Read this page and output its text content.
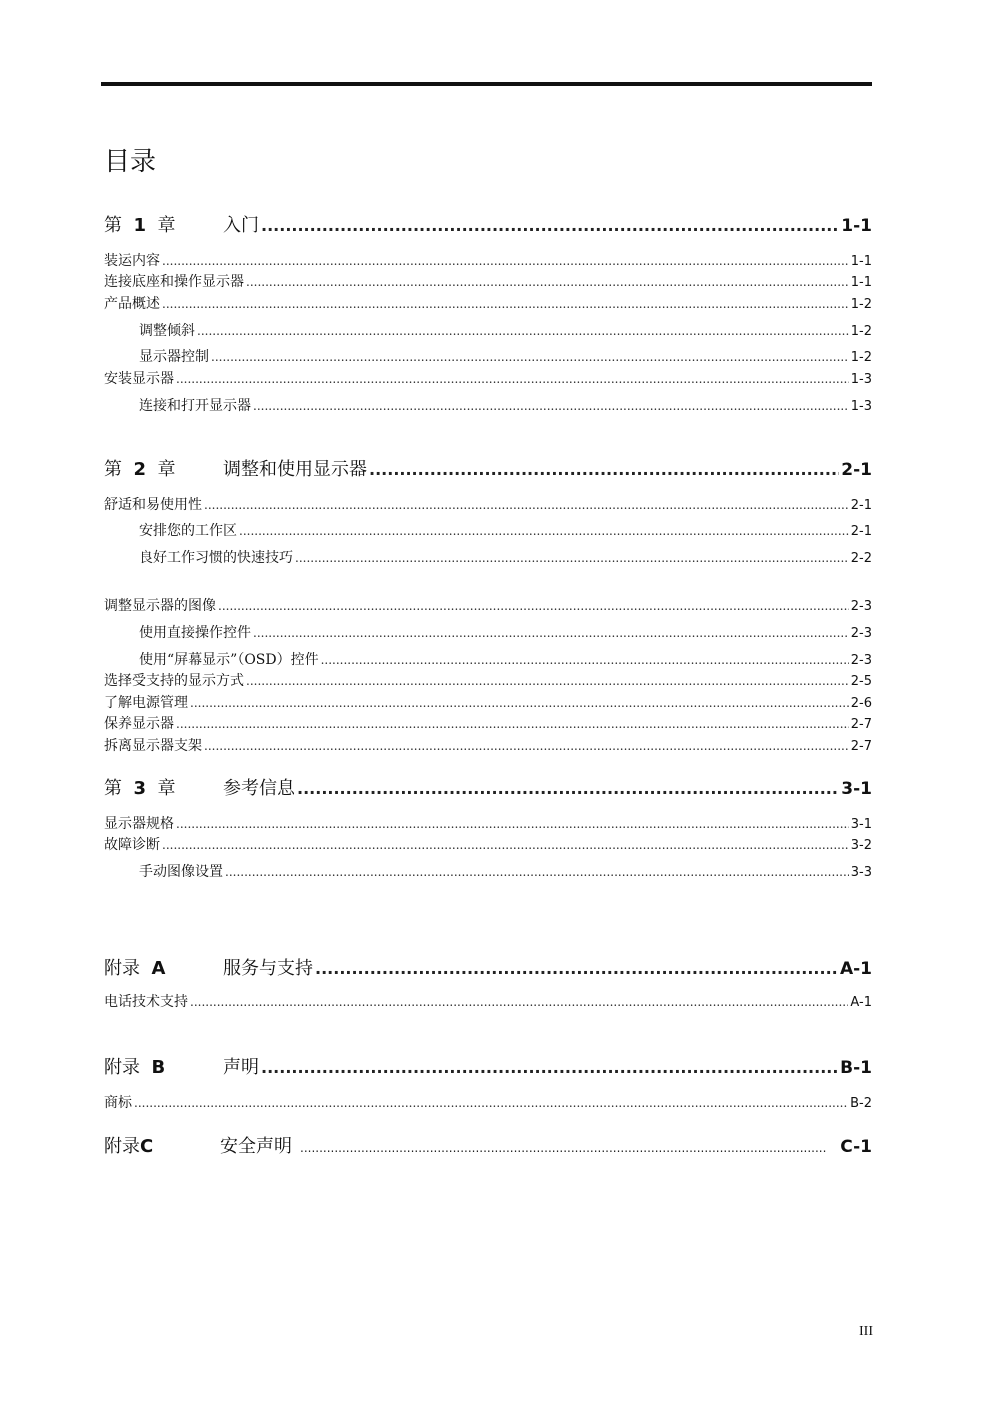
目录
第 1 章	入门 .....	1-1
装运内容 .....	1-1
连接底座和操作显示器 .....	1-1
产品概述 .....	1-2
调整倾斜 .....	1-2
显示器控制 .....	1-2
安装显示器 .....	1-3
连接和打开显示器 .....	1-3
第 2 章	调整和使用显示器 .....	2-1
舒适和易使用性 .....	2-1
安排您的工作区 .....	2-1
良好工作习惯的快速技巧 .....	2-2
调整显示器的图像 .....	2-3
使用直接操作控件 .....	2-3
使用“屏幕显示”（OSD）控件 .....	2-3
选择受支持的显示方式 .....	2-5
了解电源管理 .....	2-6
保养显示器 .....	2-7
拆离显示器支架 .....	2-7
第 3 章	参考信息 .....	3-1
显示器规格 .....	3-1
故障诊断 .....	3-2
手动图像设置 .....	3-3
附录 A	服务与支持 .....	A-1
电话技术支持 .....	A-1
附录 B	声明 .....	B-1
商标 .....	B-2
附录C	安全声明 .....	C-1
III
